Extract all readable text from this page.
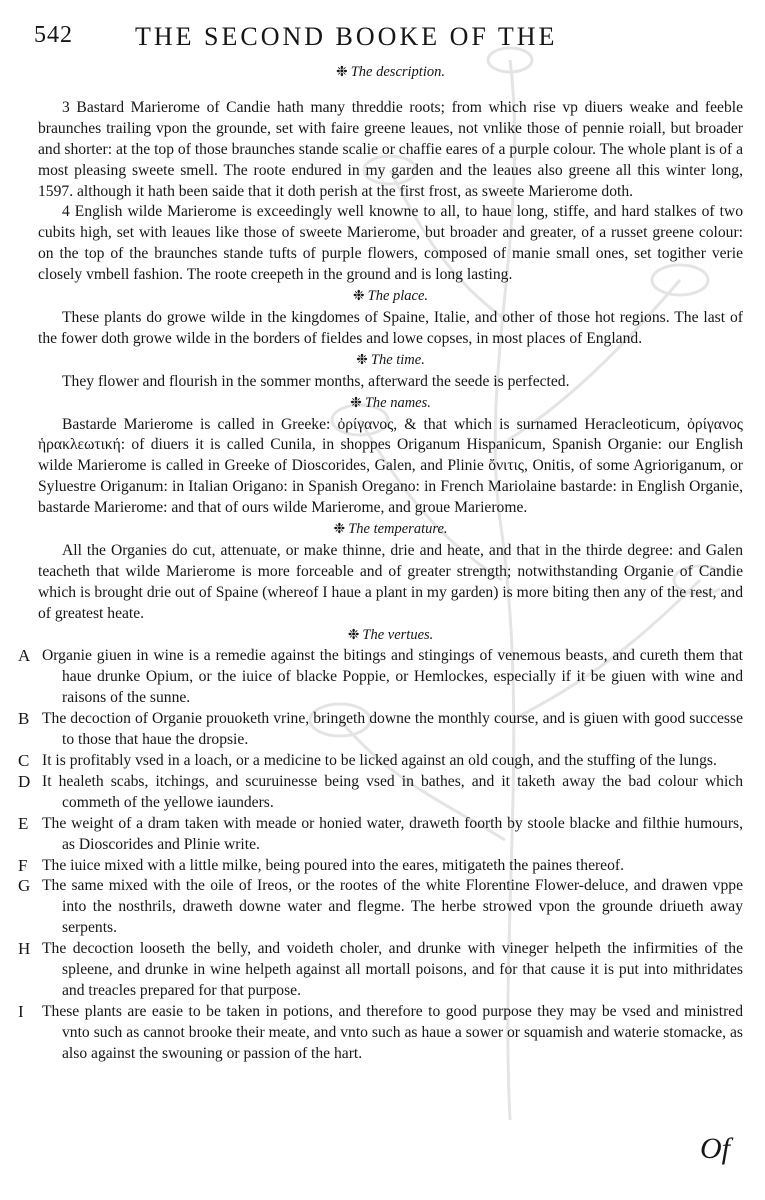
542 THE SECOND BOOKE OF THE
❉ The description.

3 Bastard Marierome of Candie hath many threddie roots; from which rise vp diuers weake and feeble braunches trailing vpon the grounde, set with faire greene leaues, not vnlike those of pennie roiall, but broader and shorter: at the top of those braunches stande scalie or chaffie eares of a purple colour. The whole plant is of a most pleasing sweete smell. The roote endured in my garden and the leaues also greene all this winter long, 1597. although it hath been saide that it doth perish at the first frost, as sweete Marierome doth.

4 English wilde Marierome is exceedingly well knowne to all, to haue long, stiffe, and hard stalkes of two cubits high, set with leaues like those of sweete Marierome, but broader and greater, of a russet greene colour: on the top of the braunches stande tufts of purple flowers, composed of manie small ones, set togither verie closely vmbell fashion. The roote creepeth in the ground and is long lasting.

❉ The place.

These plants do growe wilde in the kingdomes of Spaine, Italie, and other of those hot regions. The last of the fower doth growe wilde in the borders of fieldes and lowe copses, in most places of England.

❉ The time.

They flower and flourish in the sommer months, afterward the seede is perfected.

❉ The names.

Bastarde Marierome is called in Greeke: ὀρίγανος, & that which is surnamed Heracleoticum, ὀρίγανος ἡρακλεωτική: of diuers it is called Cunila, in shoppes Origanum Hispanicum, Spanish Organie: our English wilde Marierome is called in Greeke of Dioscorides, Galen, and Plinie ὄνιτις, Onitis, of some Agrioriganum, or Syluestre Origanum: in Italian Origano: in Spanish Oregano: in French Mariolaine bastarde: in English Organie, bastarde Marierome: and that of ours wilde Marierome, and groue Marierome.

❉ The temperature.

All the Organies do cut, attenuate, or make thinne, drie and heate, and that in the thirde degree: and Galen teacheth that wilde Marierome is more forceable and of greater strength; notwithstanding Organie of Candie which is brought drie out of Spaine (whereof I haue a plant in my garden) is more biting then any of the rest, and of greatest heate.

❉ The vertues.
A Organie giuen in wine is a remedie against the bitings and stingings of venemous beasts, and cureth them that haue drunke Opium, or the iuice of blacke Poppie, or Hemlockes, especially if it be giuen with wine and raisons of the sunne.

B The decoction of Organie prouoketh vrine, bringeth downe the monthly course, and is giuen with good successe to those that haue the dropsie.

C It is profitably vsed in a loach, or a medicine to be licked against an old cough, and the stuffing of the lungs.

D It healeth scabs, itchings, and scuruinesse being vsed in bathes, and it taketh away the bad colour which commeth of the yellowe iaunders.

E The weight of a dram taken with meade or honied water, draweth foorth by stoole blacke and filthie humours, as Dioscorides and Plinie write.

F The iuice mixed with a little milke, being poured into the eares, mitigateth the paines thereof.

G The same mixed with the oile of Ireos, or the rootes of the white Florentine Flower-deluce, and drawen vppe into the nosthrils, draweth downe water and flegme. The herbe strowed vpon the grounde driueth away serpents.

H The decoction looseth the belly, and voideth choler, and drunke with vineger helpeth the infirmities of the spleene, and drunke in wine helpeth against all mortall poisons, and for that cause it is put into mithridates and treacles prepared for that purpose.

I These plants are easie to be taken in potions, and therefore to good purpose they may be vsed and ministred vnto such as cannot brooke their meate, and vnto such as haue a sower or squamish and waterie stomacke, as also against the swouning or passion of the hart.

Of
